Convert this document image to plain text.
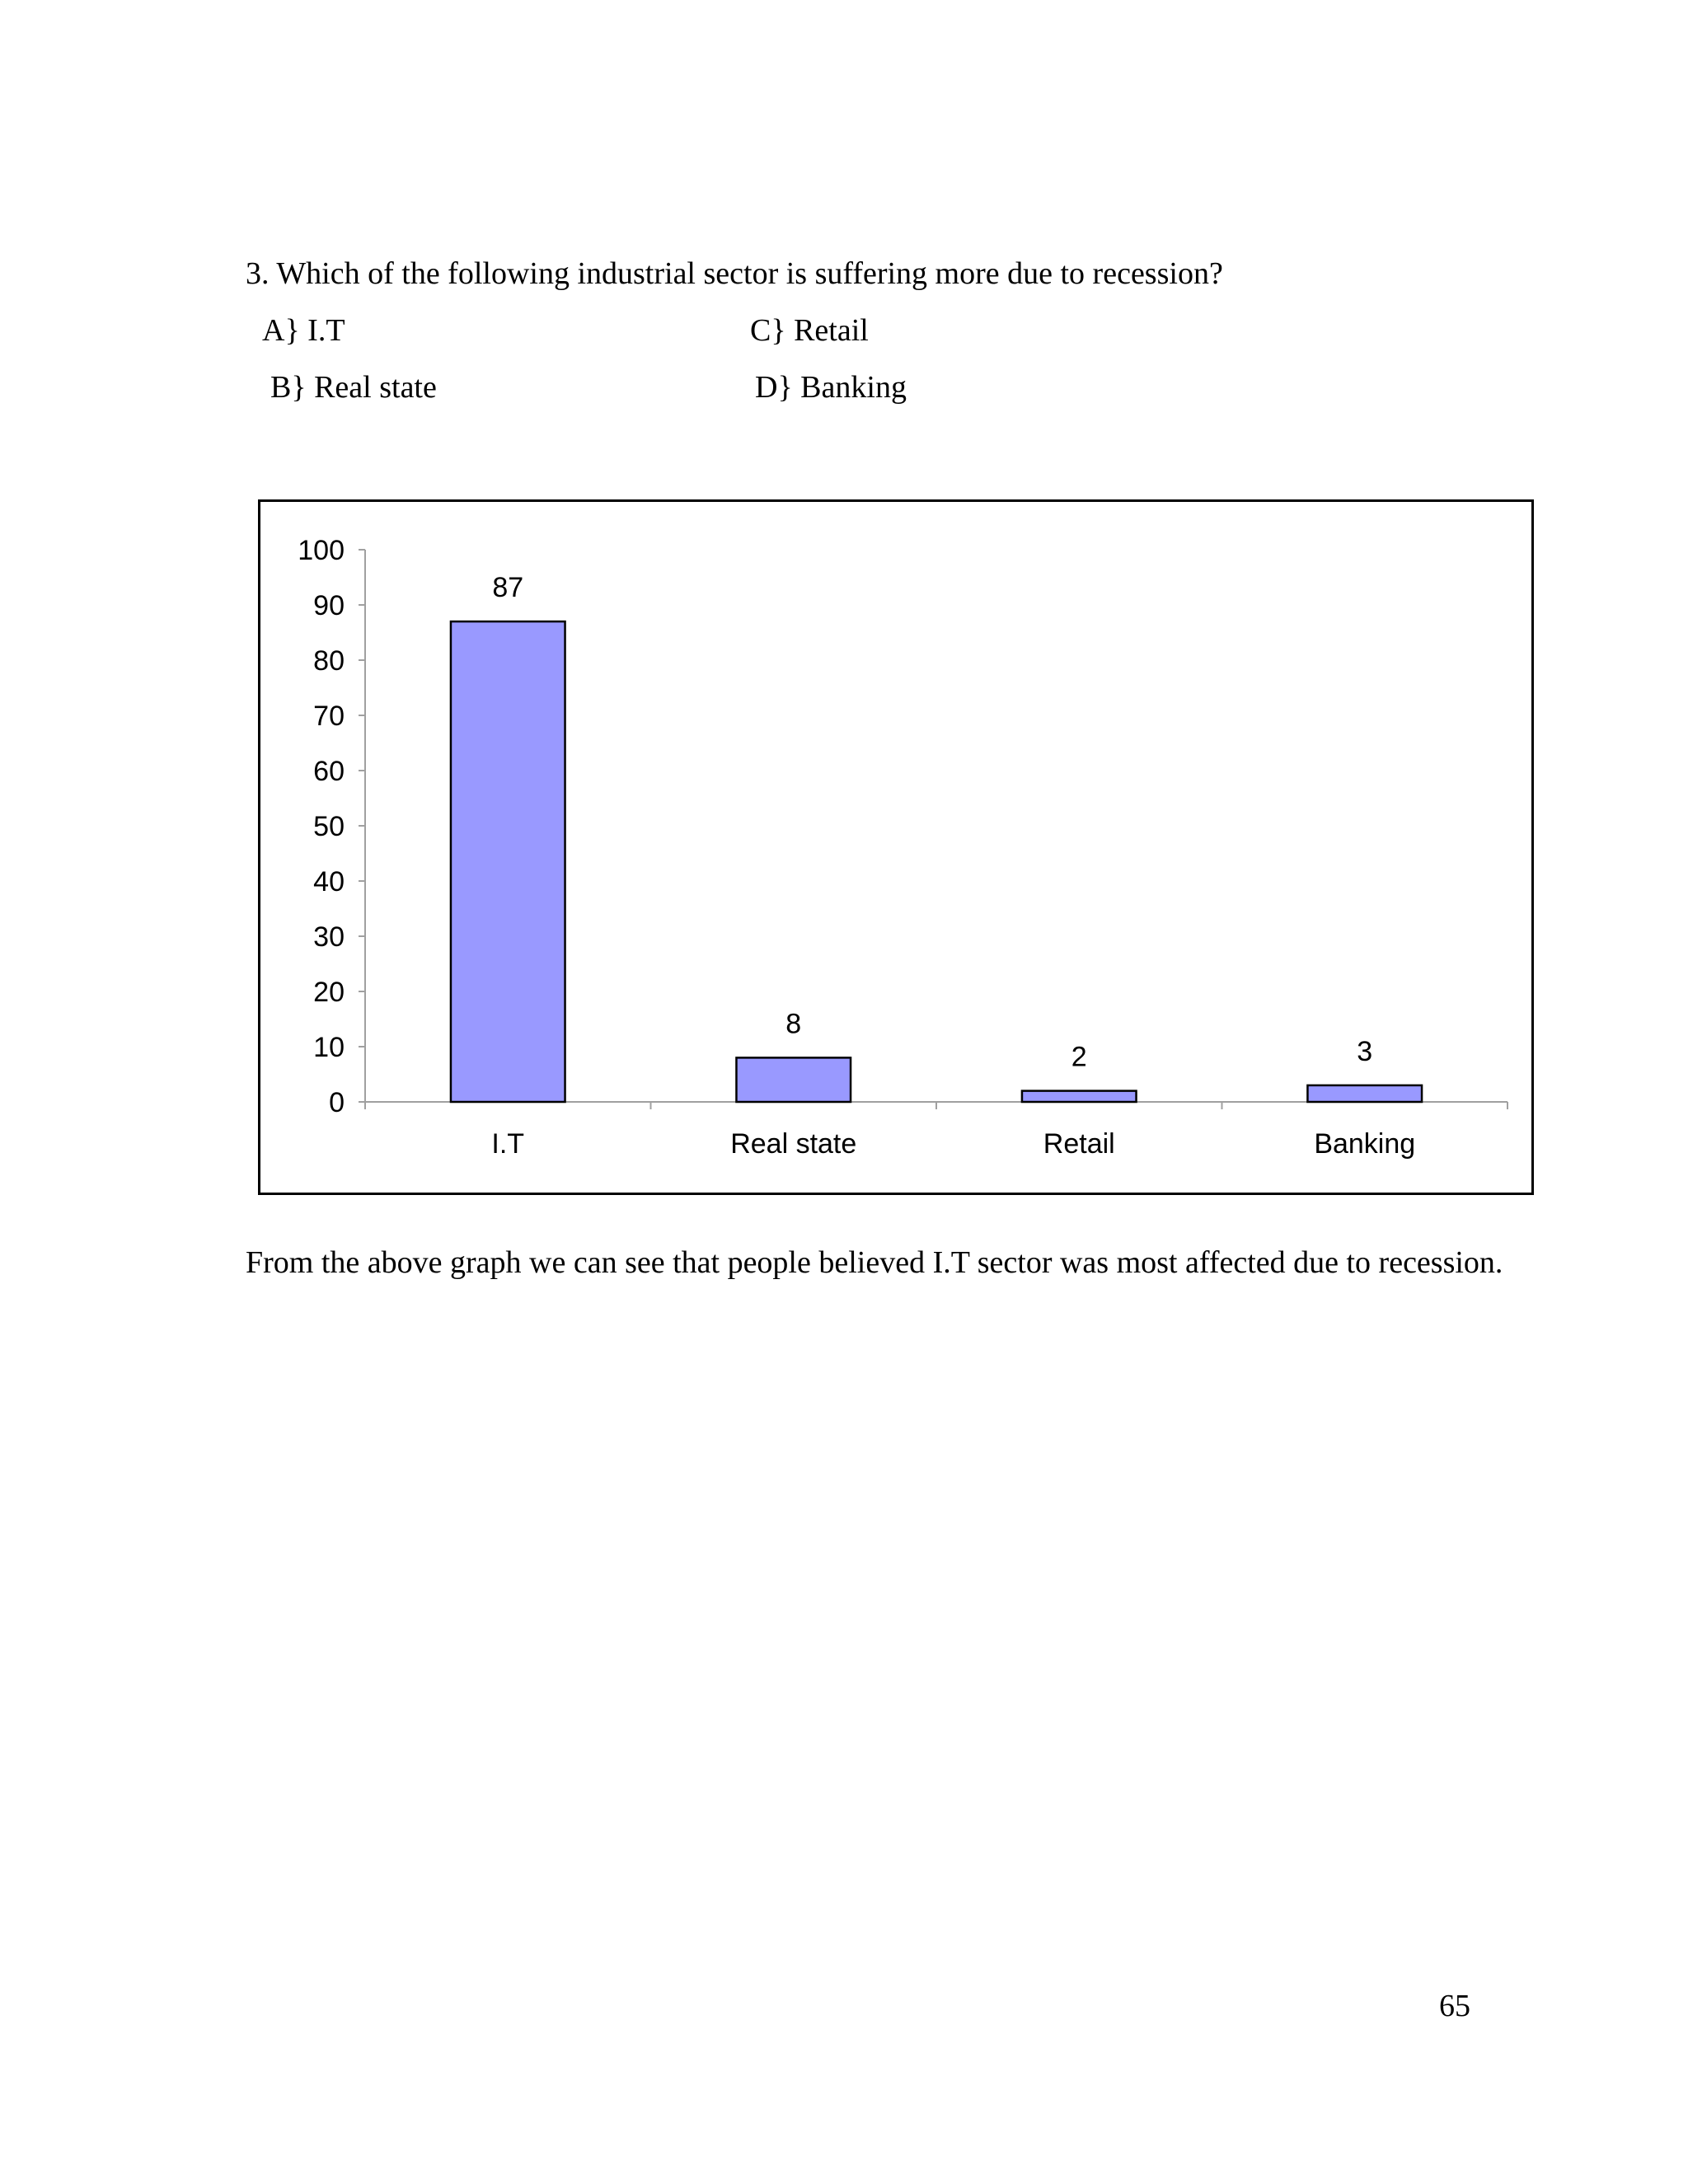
3. Which of the following industrial sector is suffering more due to recession?
A} I.T	C} Retail
B} Real state	D} Banking
0
10
20
30
40
50
60
70
80
90
100
87
I.T
8
Real state
2
Retail
3
Banking
From the above graph we can see that people believed I.T sector was most affected due to recession.
65
